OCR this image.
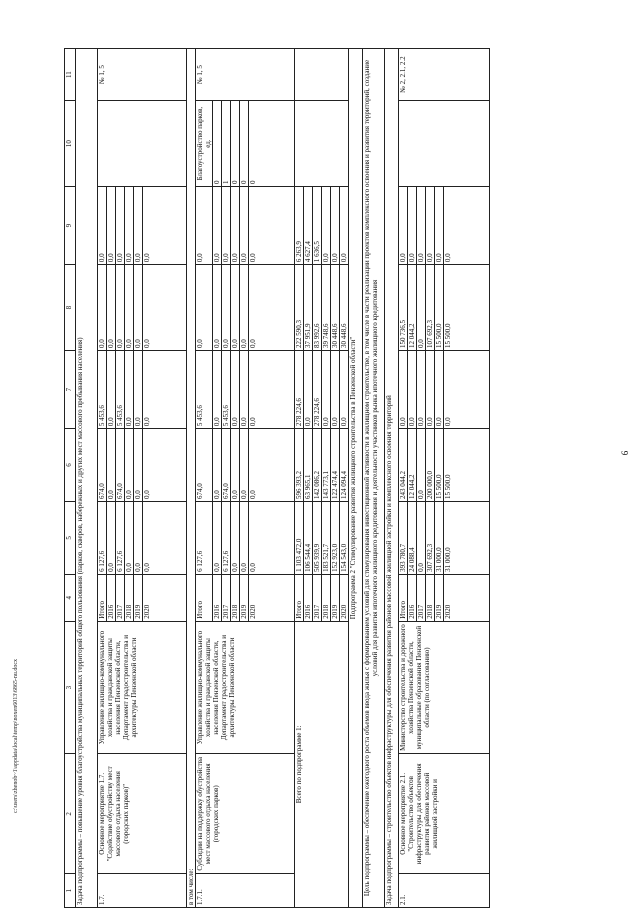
9
c:\users\zhenob~1\appdata\local\temp\noxen6013\6865-nu.docx
1	2	3	4	5	6	7	8	9	10	11
Задача подпрограммы – повышение уровня благоустройства муниципальных территорий общего пользования (парков, скверов, набережных и других мест массового пребывания населения)										
1.7.	Основное мероприятие 1.7. "Содействие обустройству мест массового отдыха населения (городских парков)"	Управление жилищно-коммунального хозяйства и гражданской защиты населения Пензенской области, Департамент градостроительства и архитектуры Пензенской области	Итого	6 127,6	674,0	5 453,6	0,0	0,0		№ 1, 5
			2016	0,0	0,0	0,0	0,0	0,0		
			2017	6 127,6	674,0	5 453,6	0,0	0,0		
			2018	0,0	0,0	0,0	0,0	0,0		
			2019	0,0	0,0	0,0	0,0	0,0		
			2020	0,0	0,0	0,0	0,0	0,0		
в том числе:										
1.7.1.	Субсидии на поддержку обустройства мест массового отдыха населения (городских парков)	Управление жилищно-коммунального хозяйства и гражданской защиты населения Пензенской области, Департамент градостроительства и архитектуры Пензенской области	Итого	6 127,6	674,0	5 453,6	0,0	0,0	Благоустройство парков, ед.	№ 1, 5
			2016	0,0	0,0	0,0	0,0	0,0	0	
			2017	6 127,6	674,0	5 453,6	0,0	0,0	1	
			2018	0,0	0,0	0,0	0,0	0,0	0	
			2019	0,0	0,0	0,0	0,0	0,0	0	
			2020	0,0	0,0	0,0	0,0	0,0	0	
Всего по подпрограмме 1:			Итого	1 103 472,0	596 393,2	278 224,6	222 590,3	6 263,9		
			2016	106 544,4	63 965,1	0,0	37 951,9	4 627,4		
			2017	505 939,9	142 086,2	278 224,6	83 992,6	1 636,5		
			2018	183 521,7	143 773,1	0,0	39 748,6	0,0		
			2019	152 923,0	122 474,4	0,0	30 448,6	0,0		
			2020	154 543,0	124 094,4	0,0	30 448,6	0,0		
Подпрограмма 2 "Стимулирование развития жилищного строительства в Пензенской области"										
Цель подпрограммы – обеспечение ежегодного роста объемов ввода жилья с формированием условий для стимулирования инвестиционной активности в жилищном строительстве, в том числе в части реализации проектов комплексного освоения и развития территорий, создание условий для развития ипотечного жилищного кредитования и деятельности участников рынка ипотечного жилищного кредитования										
Задача подпрограммы – строительство объектов инфраструктуры для обеспечения развития районов массовой жилищной застройки и комплексного освоения территорий										
2.1.	Основное мероприятие 2.1. "Строительство объектов инфраструктуры для обеспечения развития районов массовой жилищной застройки и	Министерство строительства и дорожного хозяйства Пензенской области, муниципальные образования Пензенской области (по согласованию)	Итого	393 780,7	243 044,2	0,0	150 736,5	0,0		№ 2, 2.1, 2.2
			2016	24 088,4	12 044,2	0,0	12 044,2	0,0		
			2017	0,0	0,0	0,0	0,0	0,0		
			2018	307 692,3	200 000,0	0,0	107 692,3	0,0		
			2019	31 000,0	15 500,0	0,0	15 500,0	0,0		
			2020	31 000,0	15 500,0	0,0	15 500,0	0,0		
